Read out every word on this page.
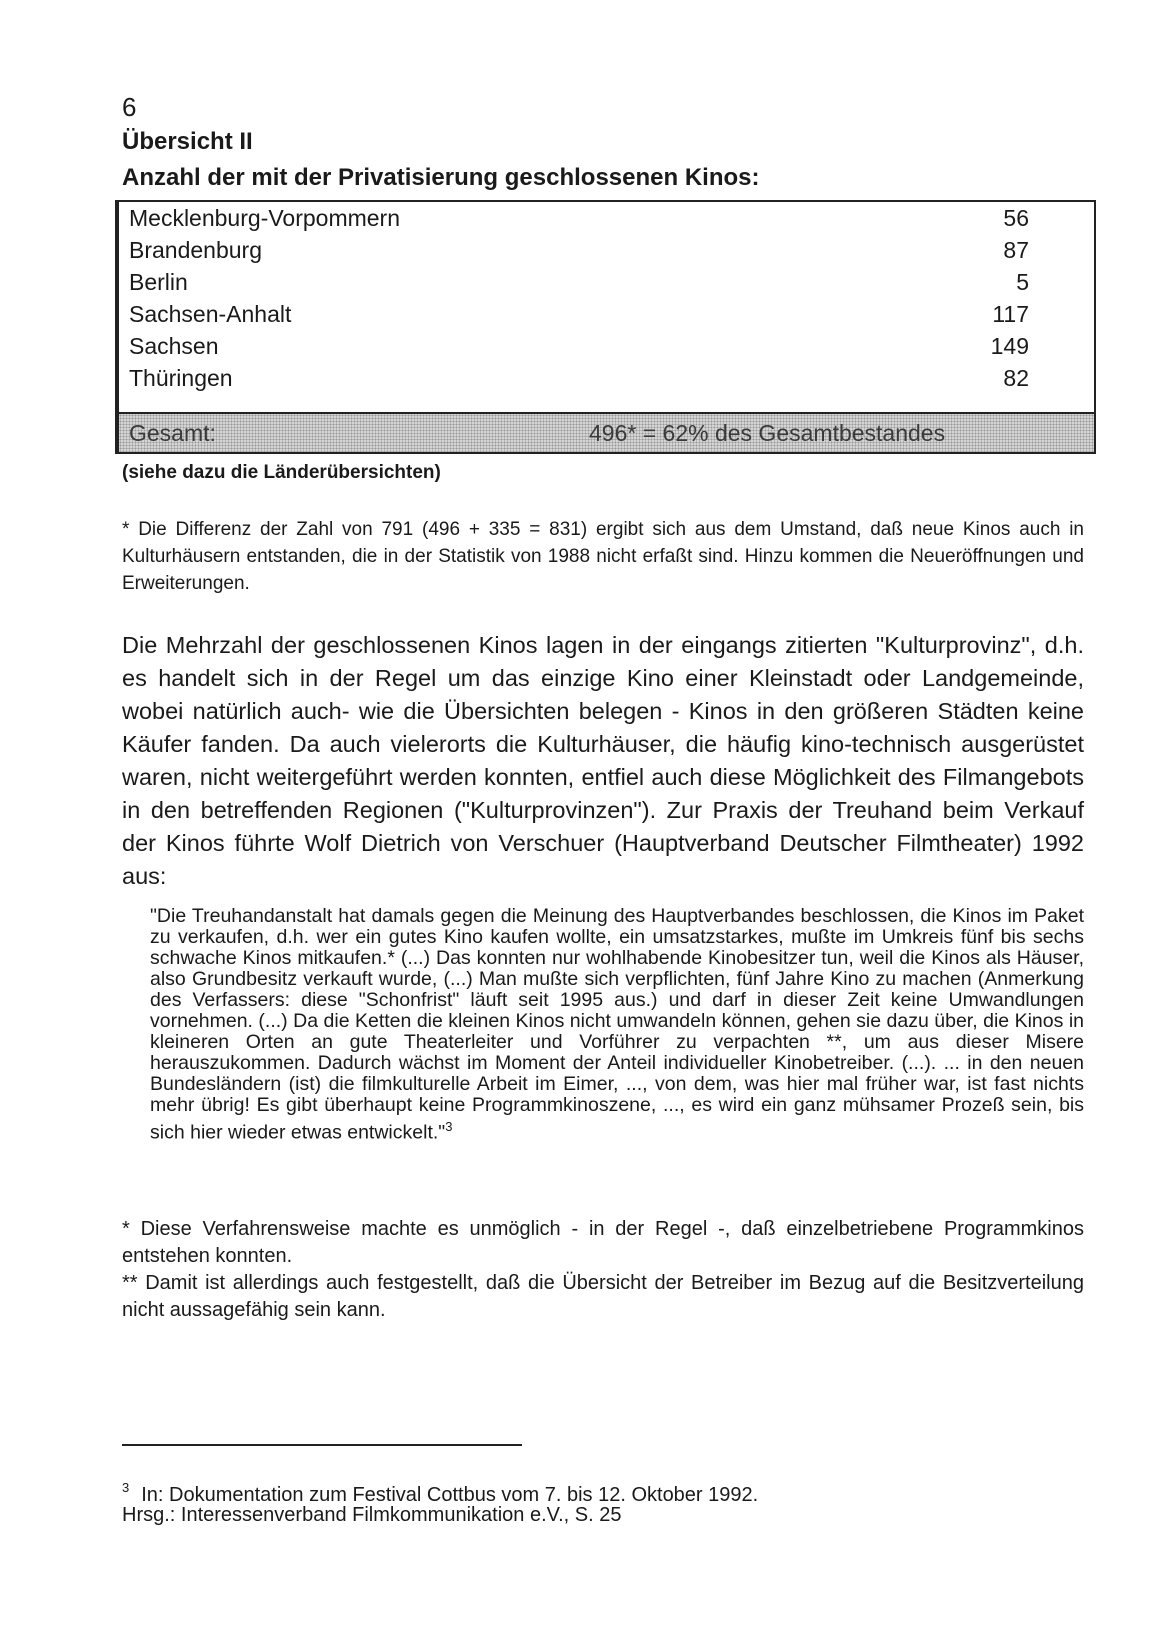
6
Übersicht II
Anzahl der mit der Privatisierung geschlossenen Kinos:
Mecklenburg-Vorpommern	56
Brandenburg	87
Berlin	5
Sachsen-Anhalt	117
Sachsen	149
Thüringen	82
Gesamt:	496* = 62% des Gesamtbestandes
(siehe dazu die Länderübersichten)
* Die Differenz der Zahl von 791 (496 + 335 = 831) ergibt sich aus dem Umstand, daß neue Kinos auch in Kulturhäusern entstanden, die in der Statistik von 1988 nicht erfaßt sind. Hinzu kommen die Neueröffnungen und Erweiterungen.
Die Mehrzahl der geschlossenen Kinos lagen in der eingangs zitierten "Kulturprovinz", d.h. es handelt sich in der Regel um das einzige Kino einer Kleinstadt oder Landgemeinde, wobei natürlich auch- wie die Übersichten belegen - Kinos in den größeren Städten keine Käufer fanden. Da auch vielerorts die Kulturhäuser, die häufig kino-technisch ausgerüstet waren, nicht weitergeführt werden konnten, entfiel auch diese Möglichkeit des Filmangebots in den betreffenden Regionen ("Kulturprovinzen"). Zur Praxis der Treuhand beim Verkauf der Kinos führte Wolf Dietrich von Verschuer (Hauptverband Deutscher Filmtheater) 1992 aus:
"Die Treuhandanstalt hat damals gegen die Meinung des Hauptverbandes beschlossen, die Kinos im Paket zu verkaufen, d.h. wer ein gutes Kino kaufen wollte, ein umsatzstarkes, mußte im Umkreis fünf bis sechs schwache Kinos mitkaufen.* (...) Das konnten nur wohlhabende Kinobesitzer tun, weil die Kinos als Häuser, also Grundbesitz verkauft wurde, (...) Man mußte sich verpflichten, fünf Jahre Kino zu machen (Anmerkung des Verfassers: diese "Schonfrist" läuft seit 1995 aus.) und darf in dieser Zeit keine Umwandlungen vornehmen. (...) Da die Ketten die kleinen Kinos nicht umwandeln können, gehen sie dazu über, die Kinos in kleineren Orten an gute Theaterleiter und Vorführer zu verpachten **, um aus dieser Misere herauszukommen. Dadurch wächst im Moment der Anteil individueller Kinobetreiber. (...). ... in den neuen Bundesländern (ist) die filmkulturelle Arbeit im Eimer, ..., von dem, was hier mal früher war, ist fast nichts mehr übrig! Es gibt überhaupt keine Programmkinoszene, ..., es wird ein ganz mühsamer Prozeß sein, bis sich hier wieder etwas entwickelt."$^3$
* Diese Verfahrensweise machte es unmöglich - in der Regel -, daß einzelbetriebene Programmkinos entstehen konnten.
** Damit ist allerdings auch festgestellt, daß die Übersicht der Betreiber im Bezug auf die Besitzverteilung nicht aussagefähig sein kann.
$^3$ In: Dokumentation zum Festival Cottbus vom 7. bis 12. Oktober 1992.
Hrsg.: Interessenverband Filmkommunikation e.V., S. 25
